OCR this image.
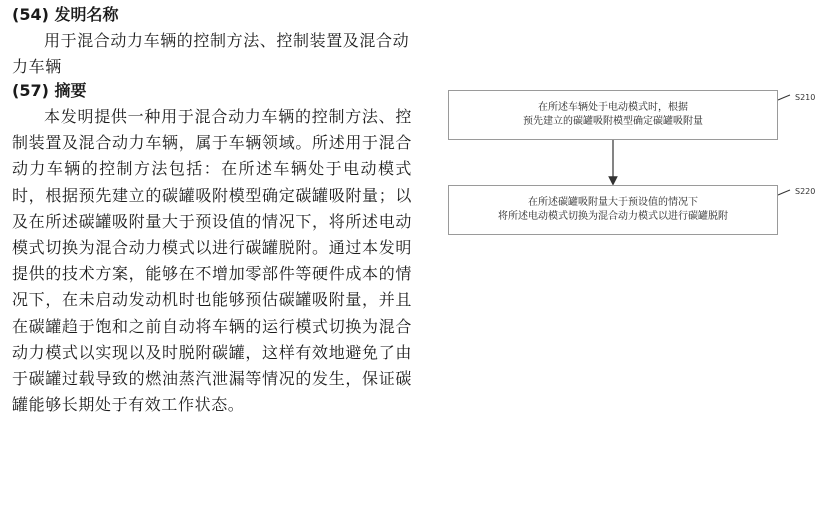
(54) 发明名称

用于混合动力车辆的控制方法、控制装置及混合动力车辆

(57) 摘要

本发明提供一种用于混合动力车辆的控制方法、控制装置及混合动力车辆，属于车辆领域。所述用于混合动力车辆的控制方法包括：在所述车辆处于电动模式时，根据预先建立的碳罐吸附模型确定碳罐吸附量；以及在所述碳罐吸附量大于预设值的情况下，将所述电动模式切换为混合动力模式以进行碳罐脱附。通过本发明提供的技术方案，能够在不增加零部件等硬件成本的情况下，在未启动发动机时也能够预估碳罐吸附量，并且在碳罐趋于饱和之前自动将车辆的运行模式切换为混合动力模式以实现以及时脱附碳罐，这样有效地避免了由于碳罐过载导致的燃油蒸汽泄漏等情况的发生，保证碳罐能够长期处于有效工作状态。

在所述车辆处于电动模式时，根据
预先建立的碳罐吸附模型确定碳罐吸附量
S210
在所述碳罐吸附量大于预设值的情况下
将所述电动模式切换为混合动力模式以进行碳罐脱附
S220
